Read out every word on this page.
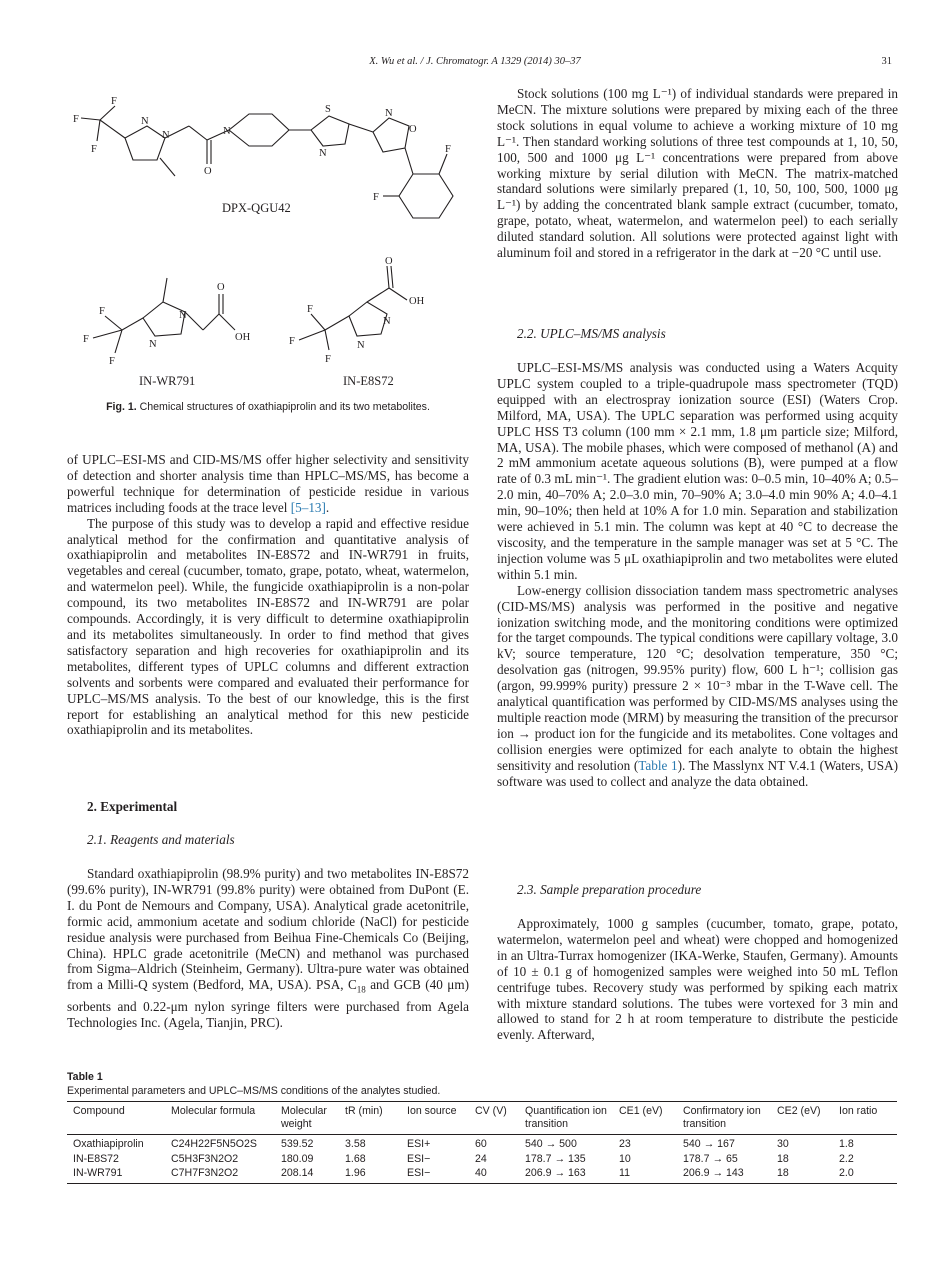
X. Wu et al. / J. Chromatogr. A 1329 (2014) 30–37	31
F
F
F
N
N
O
N
S
N
N
O
F
F
F
F
F
N
N
O
OH
F
F
F
N
N
O
OH
DPX-QGU42
IN-WR791	IN-E8S72
Fig. 1. Chemical structures of oxathiapiprolin and its two metabolites.

of UPLC–ESI-MS and CID-MS/MS offer higher selectivity and sensitivity of detection and shorter analysis time than HPLC–MS/MS, has become a powerful technique for determination of pesticide residue in various matrices including foods at the trace level [5–13].

The purpose of this study was to develop a rapid and effective residue analytical method for the confirmation and quantitative analysis of oxathiapiprolin and metabolites IN-E8S72 and IN-WR791 in fruits, vegetables and cereal (cucumber, tomato, grape, potato, wheat, watermelon, and watermelon peel). While, the fungicide oxathiapiprolin is a non-polar compound, its two metabolites IN-E8S72 and IN-WR791 are polar compounds. Accordingly, it is very difficult to determine oxathiapiprolin and its metabolites simultaneously. In order to find method that gives satisfactory separation and high recoveries for oxathiapiprolin and its metabolites, different types of UPLC columns and different extraction solvents and sorbents were compared and evaluated their performance for UPLC–MS/MS analysis. To the best of our knowledge, this is the first report for establishing an analytical method for this new pesticide oxathiapiprolin and its metabolites.

2. Experimental

2.1. Reagents and materials

Standard oxathiapiprolin (98.9% purity) and two metabolites IN-E8S72 (99.6% purity), IN-WR791 (99.8% purity) were obtained from DuPont (E. I. du Pont de Nemours and Company, USA). Analytical grade acetonitrile, formic acid, ammonium acetate and sodium chloride (NaCl) for pesticide residue analysis were purchased from Beihua Fine-Chemicals Co (Beijing, China). HPLC grade acetonitrile (MeCN) and methanol was purchased from Sigma–Aldrich (Steinheim, Germany). Ultra-pure water was obtained from a Milli-Q system (Bedford, MA, USA). PSA, $C_{18}$ and GCB (40 μm) sorbents and 0.22-μm nylon syringe filters were purchased from Agela Technologies Inc. (Agela, Tianjin, PRC).

Stock solutions (100 mg L⁻¹) of individual standards were prepared in MeCN. The mixture solutions were prepared by mixing each of the three stock solutions in equal volume to achieve a working mixture of 10 mg L⁻¹. Then standard working solutions of three test compounds at 1, 10, 50, 100, 500 and 1000 μg L⁻¹ concentrations were prepared from above working mixture by serial dilution with MeCN. The matrix-matched standard solutions were similarly prepared (1, 10, 50, 100, 500, 1000 μg L⁻¹) by adding the concentrated blank sample extract (cucumber, tomato, grape, potato, wheat, watermelon, and watermelon peel) to each serially diluted standard solution. All solutions were protected against light with aluminum foil and stored in a refrigerator in the dark at −20 °C until use.

2.2. UPLC–MS/MS analysis

UPLC–ESI-MS/MS analysis was conducted using a Waters Acquity UPLC system coupled to a triple-quadrupole mass spectrometer (TQD) equipped with an electrospray ionization source (ESI) (Waters Crop. Milford, MA, USA). The UPLC separation was performed using acquity UPLC HSS T3 column (100 mm × 2.1 mm, 1.8 μm particle size; Milford, MA, USA). The mobile phases, which were composed of methanol (A) and 2 mM ammonium acetate aqueous solutions (B), were pumped at a flow rate of 0.3 mL min⁻¹. The gradient elution was: 0–0.5 min, 10–40% A; 0.5–2.0 min, 40–70% A; 2.0–3.0 min, 70–90% A; 3.0–4.0 min 90% A; 4.0–4.1 min, 90–10%; then held at 10% A for 1.0 min. Separation and stabilization were achieved in 5.1 min. The column was kept at 40 °C to decrease the viscosity, and the temperature in the sample manager was set at 5 °C. The injection volume was 5 μL oxathiapiprolin and two metabolites were eluted within 5.1 min.

Low-energy collision dissociation tandem mass spectrometric analyses (CID-MS/MS) analysis was performed in the positive and negative ionization switching mode, and the monitoring conditions were optimized for the target compounds. The typical conditions were capillary voltage, 3.0 kV; source temperature, 120 °C; desolvation temperature, 350 °C; desolvation gas (nitrogen, 99.95% purity) flow, 600 L h⁻¹; collision gas (argon, 99.999% purity) pressure 2 × 10⁻³ mbar in the T-Wave cell. The analytical quantification was performed by CID-MS/MS analyses using the multiple reaction mode (MRM) by measuring the transition of the precursor ion → product ion for the fungicide and its metabolites. Cone voltages and collision energies were optimized for each analyte to obtain the highest sensitivity and resolution (Table 1). The Masslynx NT V.4.1 (Waters, USA) software was used to collect and analyze the data obtained.

2.3. Sample preparation procedure

Approximately, 1000 g samples (cucumber, tomato, grape, potato, watermelon, watermelon peel and wheat) were chopped and homogenized in an Ultra-Turrax homogenizer (IKA-Werke, Staufen, Germany). Amounts of 10 ± 0.1 g of homogenized samples were weighed into 50 mL Teflon centrifuge tubes. Recovery study was performed by spiking each matrix with mixture standard solutions. The tubes were vortexed for 3 min and allowed to stand for 2 h at room temperature to distribute the pesticide evenly. Afterward,

Table 1

Experimental parameters and UPLC–MS/MS conditions of the analytes studied.

Compound	Molecular formula	Molecular weight	tR (min)	Ion source	CV (V)	Quantification ion transition	CE1 (eV)	Confirmatory ion transition	CE2 (eV)	Ion ratio
Oxathiapiprolin	C24H22F5N5O2S	539.52	3.58	ESI+	60	540 → 500	23	540 → 167	30	1.8
IN-E8S72	C5H3F3N2O2	180.09	1.68	ESI−	24	178.7 → 135	10	178.7 → 65	18	2.2
IN-WR791	C7H7F3N2O2	208.14	1.96	ESI−	40	206.9 → 163	11	206.9 → 143	18	2.0
